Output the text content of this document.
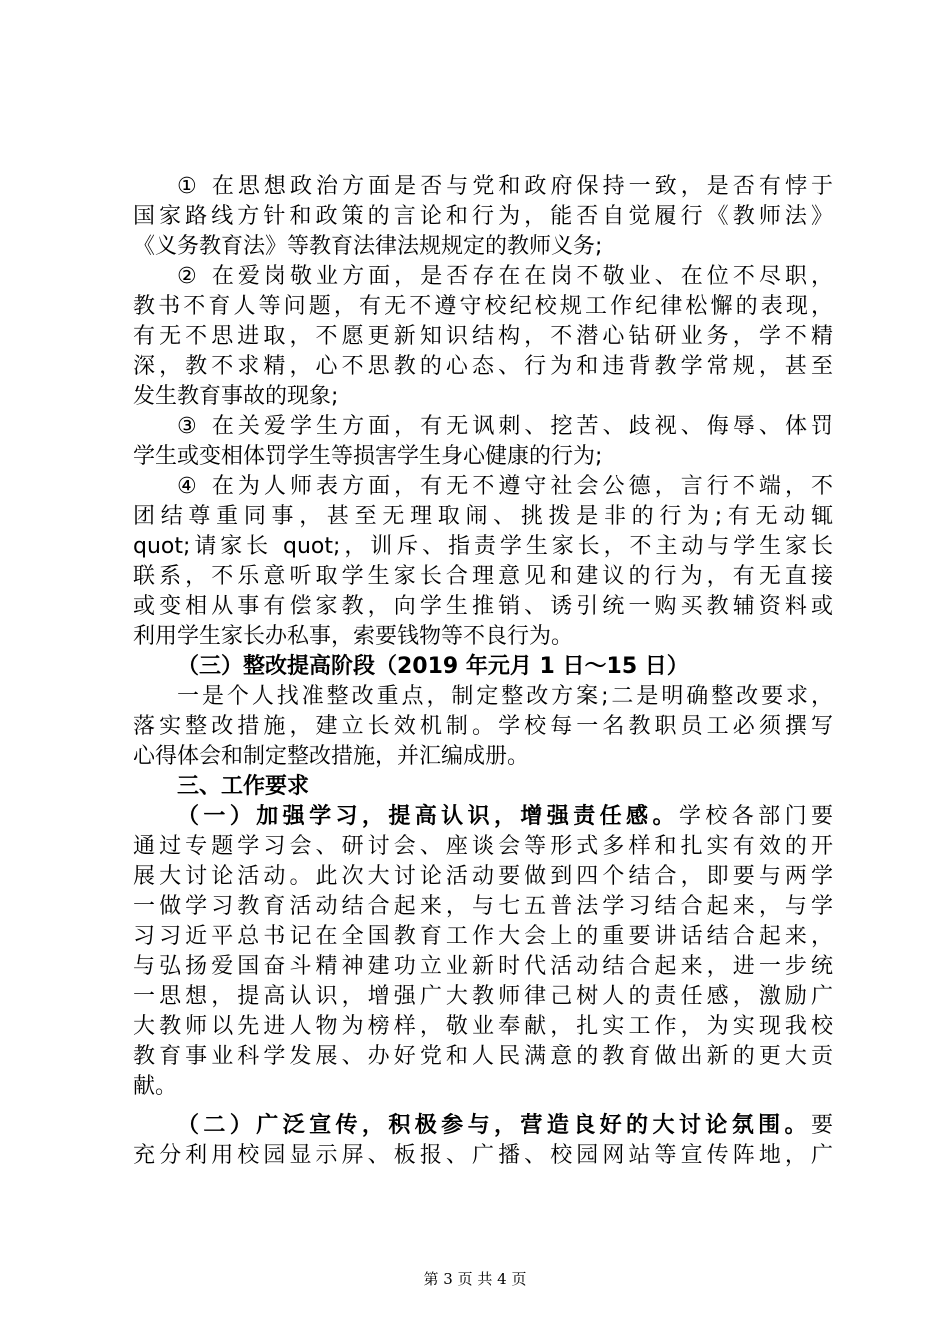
① 在思想政治方面是否与党和政府保持一致，是否有悖于
国家路线方针和政策的言论和行为，能否自觉履行《教师法》
《义务教育法》等教育法律法规规定的教师义务;
② 在爱岗敬业方面，是否存在在岗不敬业、在位不尽职，
教书不育人等问题，有无不遵守校纪校规工作纪律松懈的表现，
有无不思进取，不愿更新知识结构，不潜心钻研业务，学不精
深，教不求精，心不思教的心态、行为和违背教学常规，甚至
发生教育事故的现象;
③ 在关爱学生方面，有无讽刺、挖苦、歧视、侮辱、体罚
学生或变相体罚学生等损害学生身心健康的行为;
④ 在为人师表方面，有无不遵守社会公德，言行不端，不
团结尊重同事，甚至无理取闹、挑拨是非的行为;有无动辄
quot;请家长 quot;，训斥、指责学生家长，不主动与学生家长
联系，不乐意听取学生家长合理意见和建议的行为，有无直接
或变相从事有偿家教，向学生推销、诱引统一购买教辅资料或
利用学生家长办私事，索要钱物等不良行为。
（三）整改提高阶段（2019 年元月 1 日～15 日）
一是个人找准整改重点，制定整改方案;二是明确整改要求，
落实整改措施，建立长效机制。学校每一名教职员工必须撰写
心得体会和制定整改措施，并汇编成册。
三、工作要求
（一）加强学习，提高认识，增强责任感。学校各部门要
通过专题学习会、研讨会、座谈会等形式多样和扎实有效的开
展大讨论活动。此次大讨论活动要做到四个结合，即要与两学
一做学习教育活动结合起来，与七五普法学习结合起来，与学
习习近平总书记在全国教育工作大会上的重要讲话结合起来，
与弘扬爱国奋斗精神建功立业新时代活动结合起来，进一步统
一思想，提高认识，增强广大教师律己树人的责任感，激励广
大教师以先进人物为榜样，敬业奉献，扎实工作，为实现我校
教育事业科学发展、办好党和人民满意的教育做出新的更大贡
献。
（二）广泛宣传，积极参与，营造良好的大讨论氛围。要
充分利用校园显示屏、板报、广播、校园网站等宣传阵地，广
第 3 页 共 4 页
